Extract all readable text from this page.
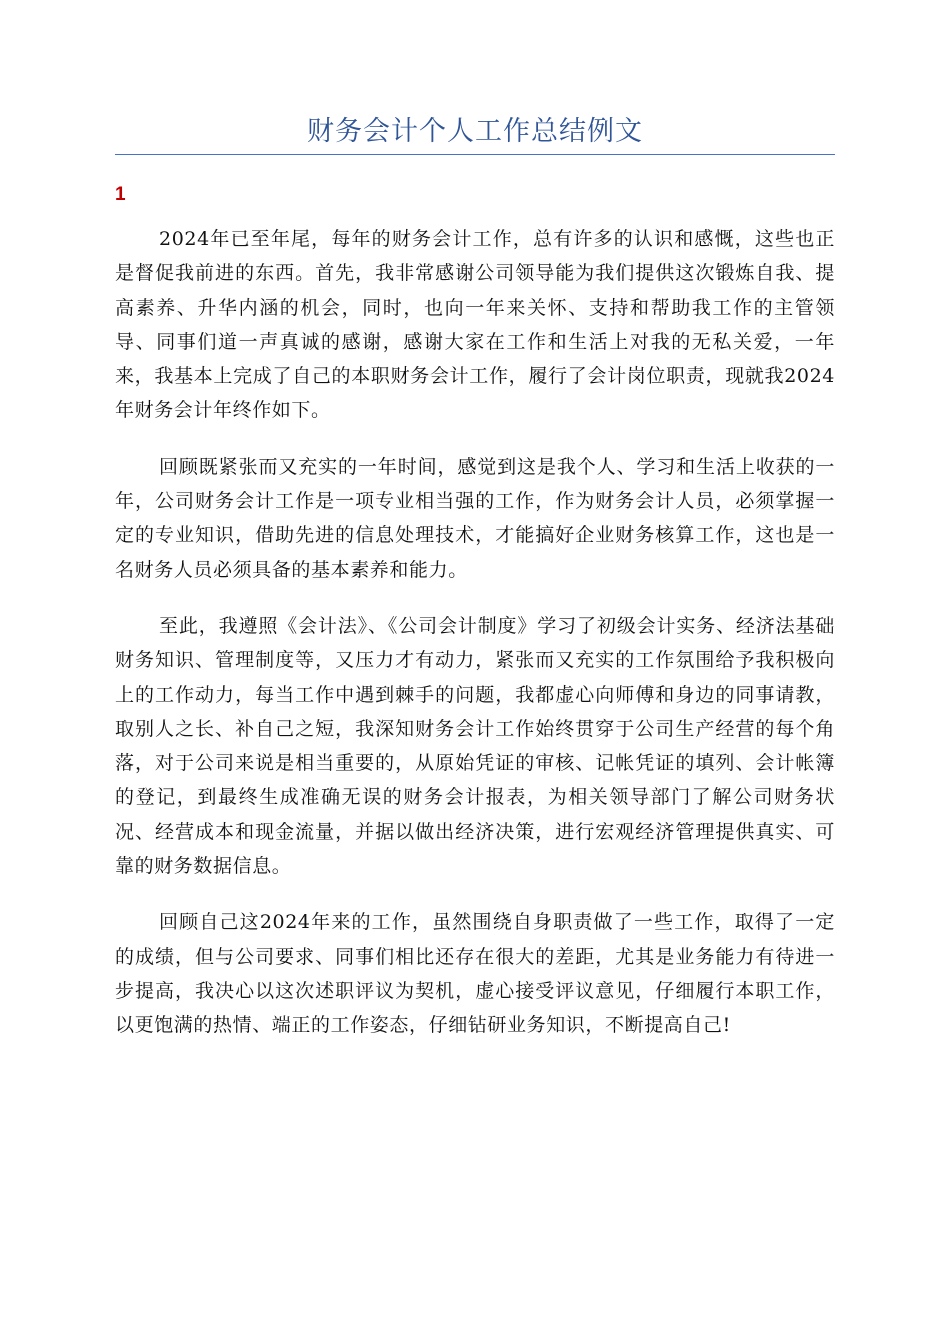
财务会计个人工作总结例文
1

2024年已至年尾，每年的财务会计工作，总有许多的认识和感慨，这些也正是督促我前进的东西。首先，我非常感谢公司领导能为我们提供这次锻炼自我、提高素养、升华内涵的机会，同时，也向一年来关怀、支持和帮助我工作的主管领导、同事们道一声真诚的感谢，感谢大家在工作和生活上对我的无私关爱，一年来，我基本上完成了自己的本职财务会计工作，履行了会计岗位职责，现就我2024年财务会计年终作如下。

回顾既紧张而又充实的一年时间，感觉到这是我个人、学习和生活上收获的一年，公司财务会计工作是一项专业相当强的工作，作为财务会计人员，必须掌握一定的专业知识，借助先进的信息处理技术，才能搞好企业财务核算工作，这也是一名财务人员必须具备的基本素养和能力。

至此，我遵照《会计法》、《公司会计制度》学习了初级会计实务、经济法基础财务知识、管理制度等，又压力才有动力，紧张而又充实的工作氛围给予我积极向上的工作动力，每当工作中遇到棘手的问题，我都虚心向师傅和身边的同事请教，取别人之长、补自己之短，我深知财务会计工作始终贯穿于公司生产经营的每个角落，对于公司来说是相当重要的，从原始凭证的审核、记帐凭证的填列、会计帐簿的登记，到最终生成准确无误的财务会计报表，为相关领导部门了解公司财务状况、经营成本和现金流量，并据以做出经济决策，进行宏观经济管理提供真实、可靠的财务数据信息。

回顾自己这2024年来的工作，虽然围绕自身职责做了一些工作，取得了一定的成绩，但与公司要求、同事们相比还存在很大的差距，尤其是业务能力有待进一步提高，我决心以这次述职评议为契机，虚心接受评议意见，仔细履行本职工作，以更饱满的热情、端正的工作姿态，仔细钻研业务知识，不断提高自己!
